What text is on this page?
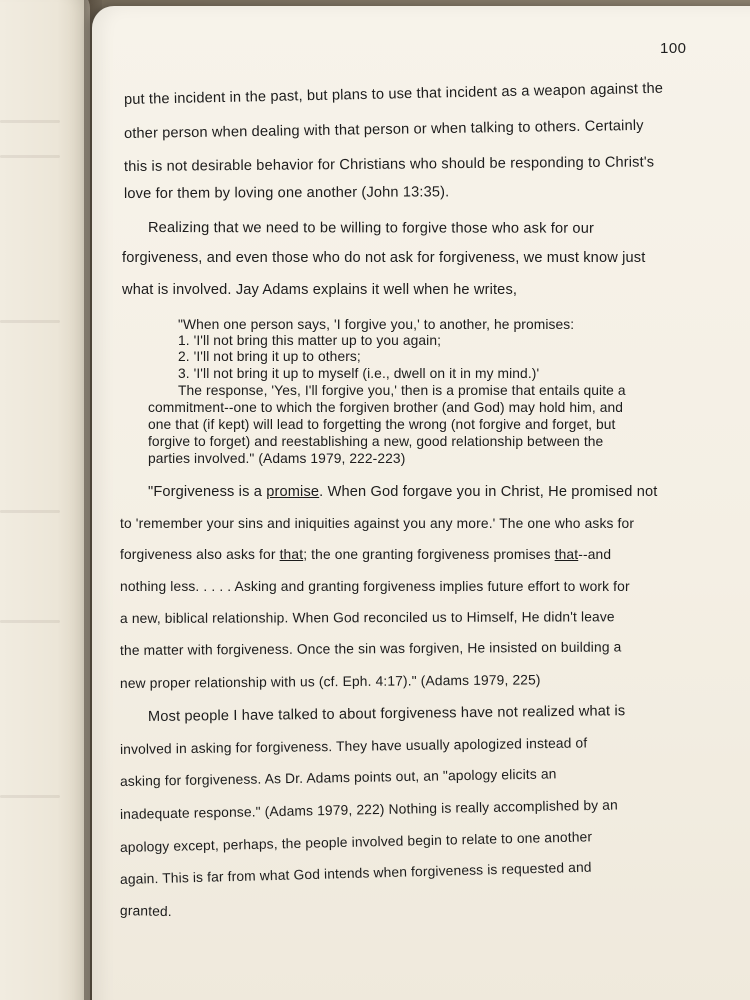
100
put the incident in the past, but plans to use that incident as a weapon against the
other person when dealing with that person or when talking to others. Certainly
this is not desirable behavior for Christians who should be responding to Christ's
love for them by loving one another (John 13:35).
Realizing that we need to be willing to forgive those who ask for our
forgiveness, and even those who do not ask for forgiveness, we must know just
what is involved. Jay Adams explains it well when he writes,
"When one person says, 'I forgive you,' to another, he promises:
1. 'I'll not bring this matter up to you again;
2. 'I'll not bring it up to others;
3. 'I'll not bring it up to myself (i.e., dwell on it in my mind.)'
The response, 'Yes, I'll forgive you,' then is a promise that entails quite a
commitment--one to which the forgiven brother (and God) may hold him, and
one that (if kept) will lead to forgetting the wrong (not forgive and forget, but
forgive to forget) and reestablishing a new, good relationship between the
parties involved." (Adams 1979, 222-223)
"Forgiveness is a promise. When God forgave you in Christ, He promised not
to 'remember your sins and iniquities against you any more.' The one who asks for
forgiveness also asks for that; the one granting forgiveness promises that--and
nothing less. . . . . Asking and granting forgiveness implies future effort to work for
a new, biblical relationship. When God reconciled us to Himself, He didn't leave
the matter with forgiveness. Once the sin was forgiven, He insisted on building a
new proper relationship with us (cf. Eph. 4:17)." (Adams 1979, 225)
Most people I have talked to about forgiveness have not realized what is
involved in asking for forgiveness. They have usually apologized instead of
asking for forgiveness. As Dr. Adams points out, an "apology elicits an
inadequate response." (Adams 1979, 222) Nothing is really accomplished by an
apology except, perhaps, the people involved begin to relate to one another
again. This is far from what God intends when forgiveness is requested and
granted.
